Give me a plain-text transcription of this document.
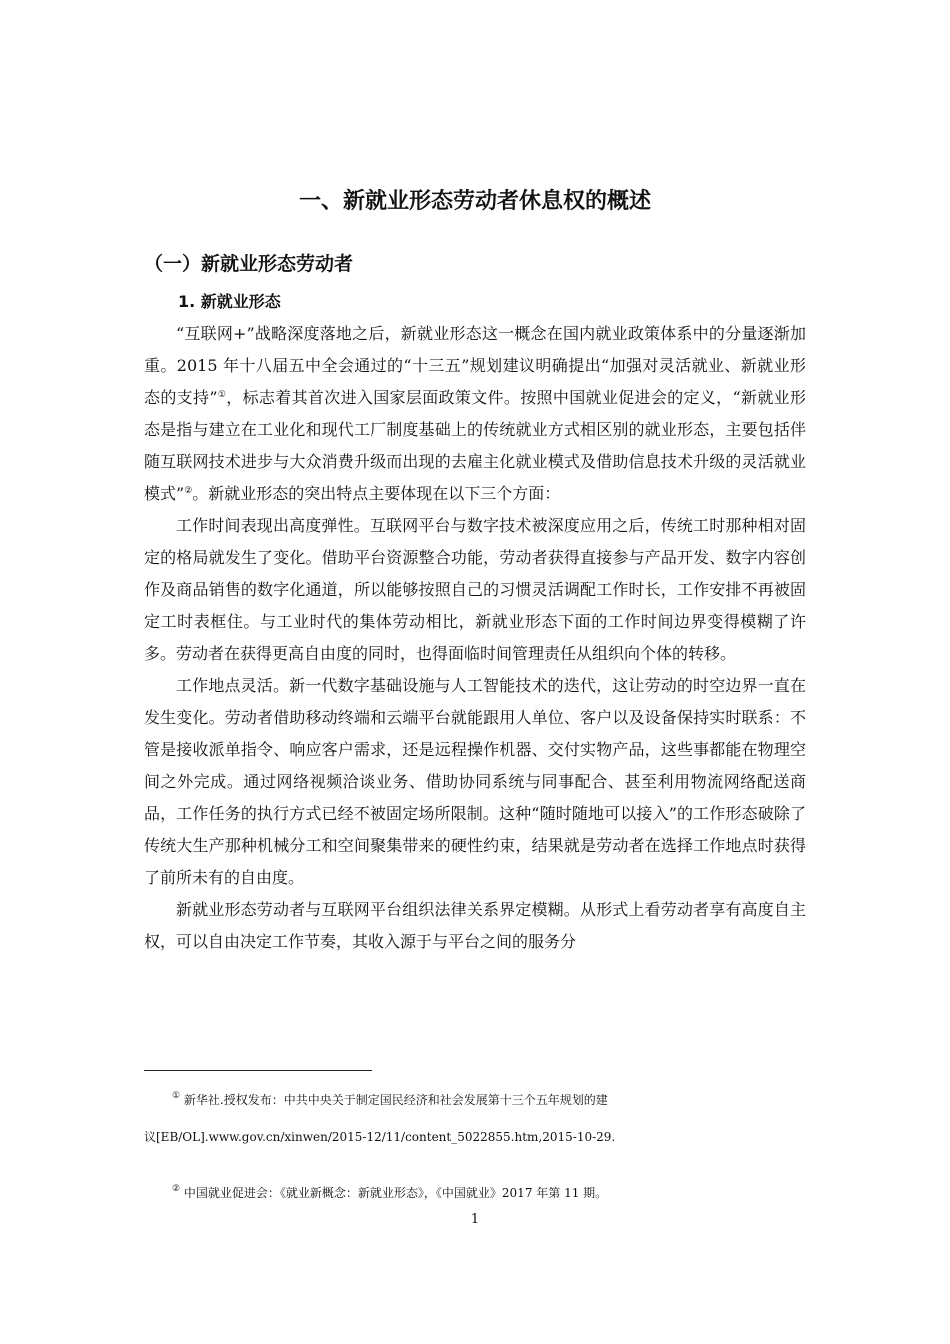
一、新就业形态劳动者休息权的概述
（一）新就业形态劳动者
1. 新就业形态

“互联网+”战略深度落地之后，新就业形态这一概念在国内就业政策体系中的分量逐渐加重。2015 年十八届五中全会通过的“十三五”规划建议明确提出“加强对灵活就业、新就业形态的支持”①，标志着其首次进入国家层面政策文件。按照中国就业促进会的定义，“新就业形态是指与建立在工业化和现代工厂制度基础上的传统就业方式相区别的就业形态，主要包括伴随互联网技术进步与大众消费升级而出现的去雇主化就业模式及借助信息技术升级的灵活就业模式”②。新就业形态的突出特点主要体现在以下三个方面：

工作时间表现出高度弹性。互联网平台与数字技术被深度应用之后，传统工时那种相对固定的格局就发生了变化。借助平台资源整合功能，劳动者获得直接参与产品开发、数字内容创作及商品销售的数字化通道，所以能够按照自己的习惯灵活调配工作时长，工作安排不再被固定工时表框住。与工业时代的集体劳动相比，新就业形态下面的工作时间边界变得模糊了许多。劳动者在获得更高自由度的同时，也得面临时间管理责任从组织向个体的转移。

工作地点灵活。新一代数字基础设施与人工智能技术的迭代，这让劳动的时空边界一直在发生变化。劳动者借助移动终端和云端平台就能跟用人单位、客户以及设备保持实时联系：不管是接收派单指令、响应客户需求，还是远程操作机器、交付实物产品，这些事都能在物理空间之外完成。通过网络视频洽谈业务、借助协同系统与同事配合、甚至利用物流网络配送商品，工作任务的执行方式已经不被固定场所限制。这种“随时随地可以接入”的工作形态破除了传统大生产那种机械分工和空间聚集带来的硬性约束，结果就是劳动者在选择工作地点时获得了前所未有的自由度。

新就业形态劳动者与互联网平台组织法律关系界定模糊。从形式上看劳动者享有高度自主权，可以自由决定工作节奏，其收入源于与平台之间的服务分

① 新华社.授权发布：中共中央关于制定国民经济和社会发展第十三个五年规划的建
议[EB/OL].www.gov.cn/xinwen/2015-12/11/content_5022855.htm,2015-10-29.
② 中国就业促进会：《就业新概念：新就业形态》，《中国就业》2017 年第 11 期。
1
